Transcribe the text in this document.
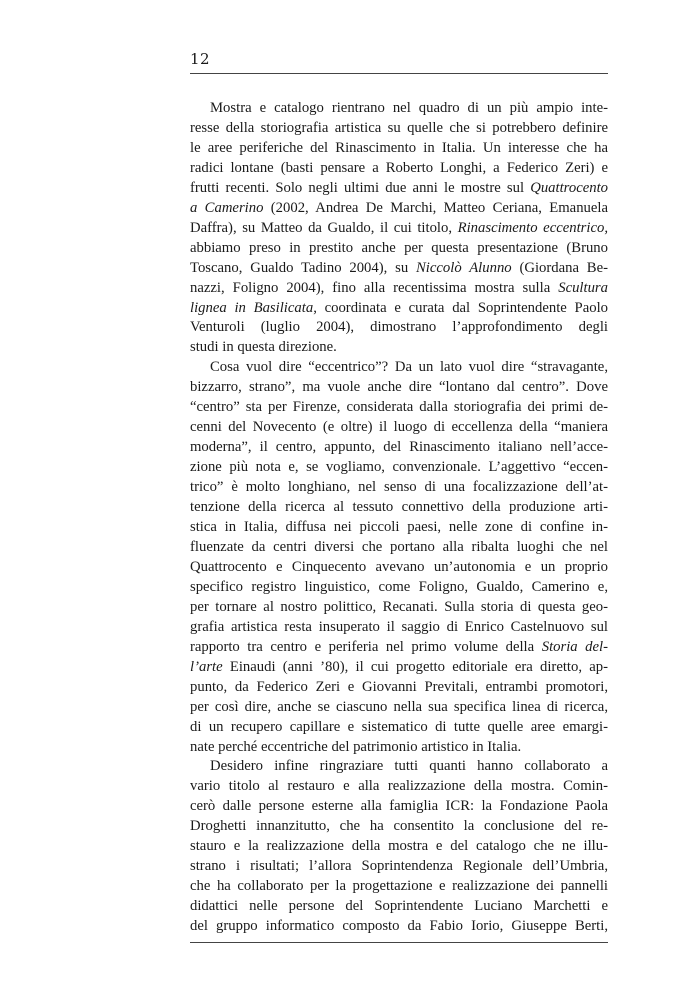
12
Mostra e catalogo rientrano nel quadro di un più ampio inte-
resse della storiografia artistica su quelle che si potrebbero definire
le aree periferiche del Rinascimento in Italia. Un interesse che ha
radici lontane (basti pensare a Roberto Longhi, a Federico Zeri) e
frutti recenti. Solo negli ultimi due anni le mostre sul Quattrocento
a Camerino (2002, Andrea De Marchi, Matteo Ceriana, Emanuela
Daffra), su Matteo da Gualdo, il cui titolo, Rinascimento eccentrico,
abbiamo preso in prestito anche per questa presentazione (Bruno
Toscano, Gualdo Tadino 2004), su Niccolò Alunno (Giordana Be-
nazzi, Foligno 2004), fino alla recentissima mostra sulla Scultura
lignea in Basilicata, coordinata e curata dal Soprintendente Paolo
Venturoli (luglio 2004), dimostrano l’approfondimento degli
studi in questa direzione.
Cosa vuol dire “eccentrico”? Da un lato vuol dire “stravagante,
bizzarro, strano”, ma vuole anche dire “lontano dal centro”. Dove
“centro” sta per Firenze, considerata dalla storiografia dei primi de-
cenni del Novecento (e oltre) il luogo di eccellenza della “maniera
moderna”, il centro, appunto, del Rinascimento italiano nell’acce-
zione più nota e, se vogliamo, convenzionale. L’aggettivo “eccen-
trico” è molto longhiano, nel senso di una focalizzazione dell’at-
tenzione della ricerca al tessuto connettivo della produzione arti-
stica in Italia, diffusa nei piccoli paesi, nelle zone di confine in-
fluenzate da centri diversi che portano alla ribalta luoghi che nel
Quattrocento e Cinquecento avevano un’autonomia e un proprio
specifico registro linguistico, come Foligno, Gualdo, Camerino e,
per tornare al nostro polittico, Recanati. Sulla storia di questa geo-
grafia artistica resta insuperato il saggio di Enrico Castelnuovo sul
rapporto tra centro e periferia nel primo volume della Storia del-
l’arte Einaudi (anni ’80), il cui progetto editoriale era diretto, ap-
punto, da Federico Zeri e Giovanni Previtali, entrambi promotori,
per così dire, anche se ciascuno nella sua specifica linea di ricerca,
di un recupero capillare e sistematico di tutte quelle aree emargi-
nate perché eccentriche del patrimonio artistico in Italia.
Desidero infine ringraziare tutti quanti hanno collaborato a
vario titolo al restauro e alla realizzazione della mostra. Comin-
cerò dalle persone esterne alla famiglia ICR: la Fondazione Paola
Droghetti innanzitutto, che ha consentito la conclusione del re-
stauro e la realizzazione della mostra e del catalogo che ne illu-
strano i risultati; l’allora Soprintendenza Regionale dell’Umbria,
che ha collaborato per la progettazione e realizzazione dei pannelli
didattici nelle persone del Soprintendente Luciano Marchetti e
del gruppo informatico composto da Fabio Iorio, Giuseppe Berti,
